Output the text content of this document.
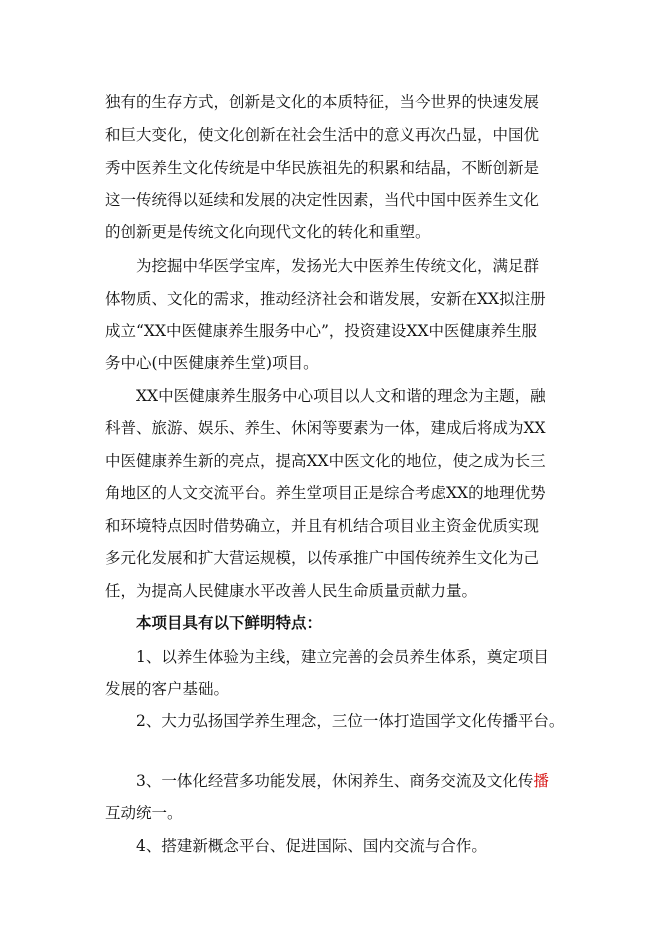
独有的生存方式，创新是文化的本质特征，当今世界的快速发展
和巨大变化，使文化创新在社会生活中的意义再次凸显，中国优
秀中医养生文化传统是中华民族祖先的积累和结晶，不断创新是
这一传统得以延续和发展的决定性因素，当代中国中医养生文化
的创新更是传统文化向现代文化的转化和重塑。
为挖掘中华医学宝库，发扬光大中医养生传统文化，满足群
体物质、文化的需求，推动经济社会和谐发展，安新在XX拟注册
成立“XX中医健康养生服务中心”，投资建设XX中医健康养生服
务中心(中医健康养生堂)项目。
XX中医健康养生服务中心项目以人文和谐的理念为主题，融
科普、旅游、娱乐、养生、休闲等要素为一体，建成后将成为XX
中医健康养生新的亮点，提高XX中医文化的地位，使之成为长三
角地区的人文交流平台。养生堂项目正是综合考虑XX的地理优势
和环境特点因时借势确立，并且有机结合项目业主资金优质实现
多元化发展和扩大营运规模，以传承推广中国传统养生文化为己
任，为提高人民健康水平改善人民生命质量贡献力量。
本项目具有以下鲜明特点：
1、以养生体验为主线，建立完善的会员养生体系，奠定项目
发展的客户基础。
2、大力弘扬国学养生理念，三位一体打造国学文化传播平台。
3、一体化经营多功能发展，休闲养生、商务交流及文化传播
互动统一。
4、搭建新概念平台、促进国际、国内交流与合作。
